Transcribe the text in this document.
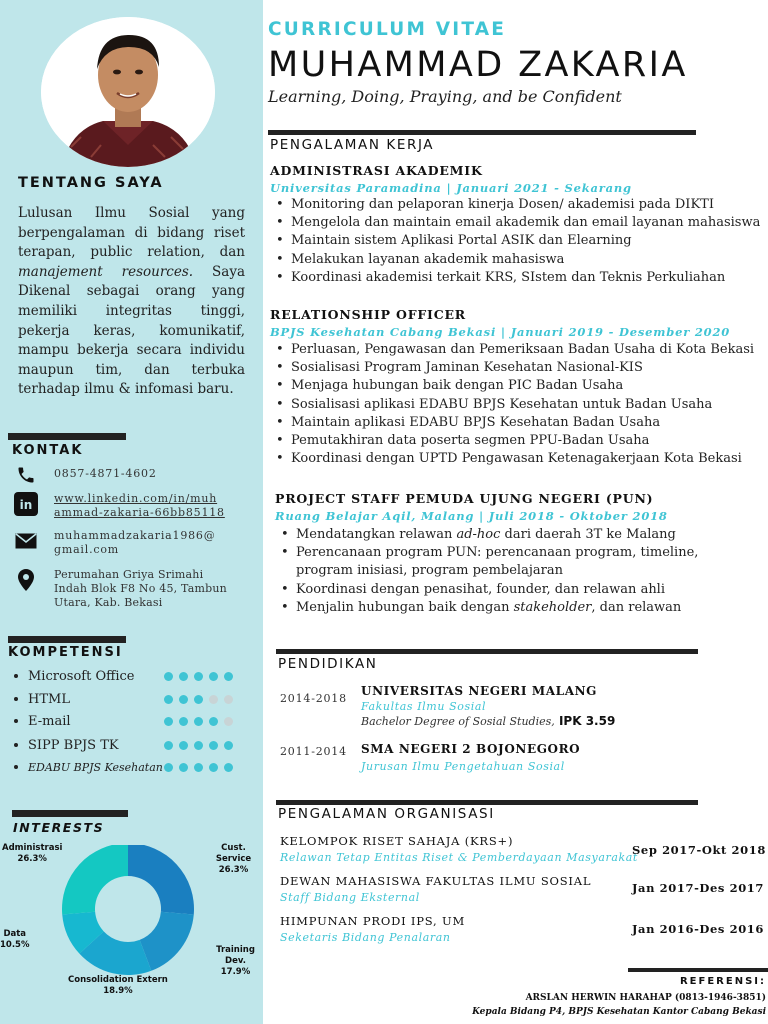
TENTANG SAYA
Lulusan Ilmu Sosial yang berpengalaman di bidang riset terapan, public relation, dan manajement resources. Saya Dikenal sebagai orang yang memiliki integritas tinggi, pekerja keras, komunikatif, mampu bekerja secara individu maupun tim, dan terbuka terhadap ilmu & infomasi baru.
KONTAK
0857-4871-4602
in www.linkedin.com/in/muh
ammad-zakaria-66bb85118
muhammadzakaria1986@
gmail.com
Perumahan Griya Srimahi
Indah Blok F8 No 45, Tambun
Utara, Kab. Bekasi
KOMPETENSI
Microsoft Office
HTML
E-mail
SIPP BPJS TK
EDABU BPJS Kesehatan
INTERESTS
Administrasi
26.3%
Cust. Service
26.3%
Data
10.5%	Training Dev.
17.9%
Consolidation Extern
18.9%
CURRICULUM VITAE
MUHAMMAD ZAKARIA
Learning, Doing, Praying, and be Confident
PENGALAMAN KERJA
ADMINISTRASI AKADEMIK
Universitas Paramadina | Januari 2021 - Sekarang
• Monitoring dan pelaporan kinerja Dosen/ akademisi pada DIKTI
• Mengelola dan maintain email akademik dan email layanan mahasiswa
• Maintain sistem Aplikasi Portal ASIK dan Elearning
• Melakukan layanan akademik mahasiswa
• Koordinasi akademisi terkait KRS, SIstem dan Teknis Perkuliahan
RELATIONSHIP OFFICER
BPJS Kesehatan Cabang Bekasi | Januari 2019 - Desember 2020
• Perluasan, Pengawasan dan Pemeriksaan Badan Usaha di Kota Bekasi
• Sosialisasi Program Jaminan Kesehatan Nasional-KIS
• Menjaga hubungan baik dengan PIC Badan Usaha
• Sosialisasi aplikasi EDABU BPJS Kesehatan untuk Badan Usaha
• Maintain aplikasi EDABU BPJS Kesehatan Badan Usaha
• Pemutakhiran data poserta segmen PPU-Badan Usaha
• Koordinasi dengan UPTD Pengawasan Ketenagakerjaan Kota Bekasi
PROJECT STAFF PEMUDA UJUNG NEGERI (PUN)
Ruang Belajar Aqil, Malang | Juli 2018 - Oktober 2018
• Mendatangkan relawan ad-hoc dari daerah 3T ke Malang
• Perencanaan program PUN: perencanaan program, timeline, program inisiasi, program pembelajaran
• Koordinasi dengan penasihat, founder, dan relawan ahli
• Menjalin hubungan baik dengan stakeholder, dan relawan
PENDIDIKAN
2014-2018
UNIVERSITAS NEGERI MALANG
Fakultas Ilmu Sosial
Bachelor Degree of Sosial Studies, IPK 3.59
2011-2014 SMA NEGERI 2 BOJONEGORO
Jurusan Ilmu Pengetahuan Sosial
PENGALAMAN ORGANISASI
KELOMPOK RISET SAHAJA (KRS+)
Relawan Tetap Entitas Riset & Pemberdayaan Masyarakat
Sep 2017-Okt 2018
DEWAN MAHASISWA FAKULTAS ILMU SOSIAL
Staff Bidang Eksternal
Jan 2017-Des 2017
HIMPUNAN PRODI IPS, UM
Seketaris Bidang Penalaran
Jan 2016-Des 2016
REFERENSI:
ARSLAN HERWIN HARAHAP (0813-1946-3851)
Kepala Bidang P4, BPJS Kesehatan Kantor Cabang Bekasi
